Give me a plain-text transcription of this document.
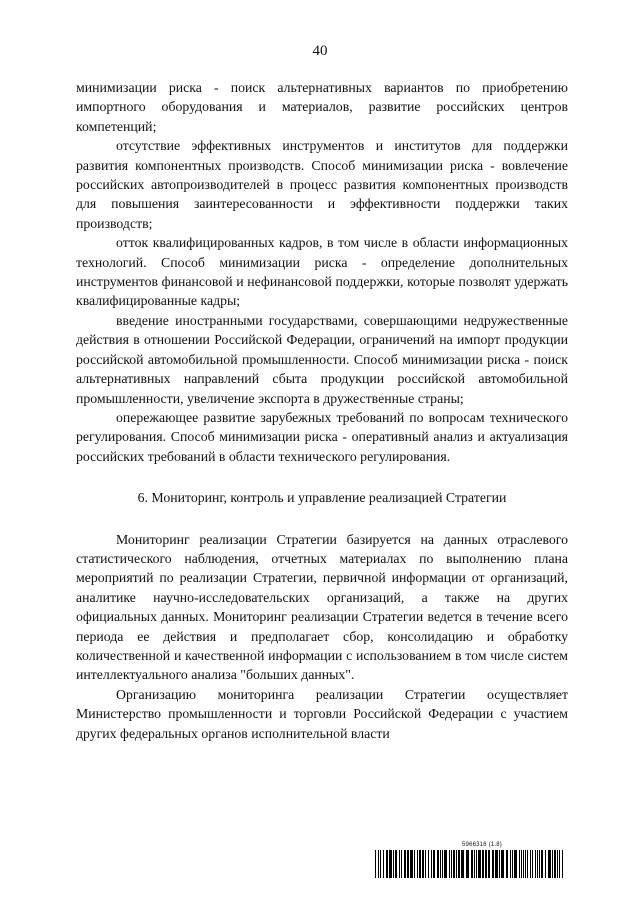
40

минимизации риска - поиск альтернативных вариантов по приобретению импортного оборудования и материалов, развитие российских центров компетенций;

отсутствие эффективных инструментов и институтов для поддержки развития компонентных производств. Способ минимизации риска - вовлечение российских автопроизводителей в процесс развития компонентных производств для повышения заинтересованности и эффективности поддержки таких производств;

отток квалифицированных кадров, в том числе в области информационных технологий. Способ минимизации риска - определение дополнительных инструментов финансовой и нефинансовой поддержки, которые позволят удержать квалифицированные кадры;

введение иностранными государствами, совершающими недружественные действия в отношении Российской Федерации, ограничений на импорт продукции российской автомобильной промышленности. Способ минимизации риска - поиск альтернативных направлений сбыта продукции российской автомобильной промышленности, увеличение экспорта в дружественные страны;

опережающее развитие зарубежных требований по вопросам технического регулирования. Способ минимизации риска - оперативный анализ и актуализация российских требований в области технического регулирования.

6. Мониторинг, контроль и управление реализацией Стратегии

Мониторинг реализации Стратегии базируется на данных отраслевого статистического наблюдения, отчетных материалах по выполнению плана мероприятий по реализации Стратегии, первичной информации от организаций, аналитике научно-исследовательских организаций, а также на других официальных данных. Мониторинг реализации Стратегии ведется в течение всего периода ее действия и предполагает сбор, консолидацию и обработку количественной и качественной информации с использованием в том числе систем интеллектуального анализа "больших данных".

Организацию мониторинга реализации Стратегии осуществляет Министерство промышленности и торговли Российской Федерации с участием других федеральных органов исполнительной власти

5966316 (1.8)
